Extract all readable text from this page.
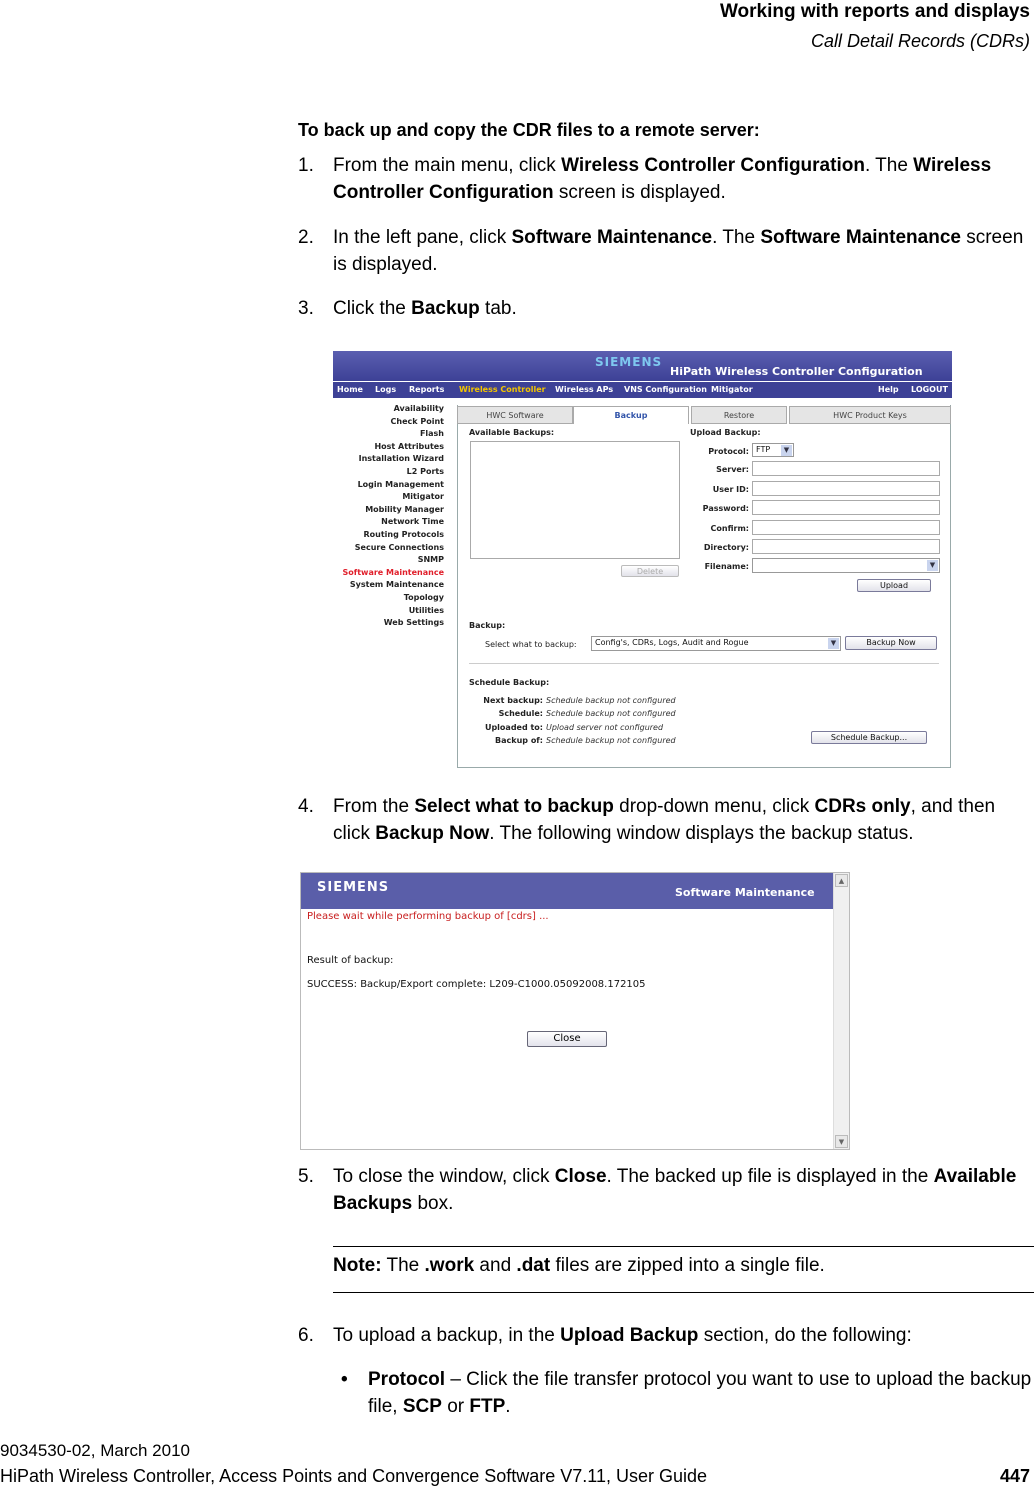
Working with reports and displays
Call Detail Records (CDRs)
To back up and copy the CDR files to a remote server:
1. From the main menu, click Wireless Controller Configuration. The Wireless Controller Configuration screen is displayed.
2. In the left pane, click Software Maintenance. The Software Maintenance screen is displayed.
3. Click the Backup tab.
SIEMENS
HiPath Wireless Controller Configuration
Home Logs Reports Wireless Controller Wireless APs VNS Configuration Mitigator	Help LOGOUT
Availability
Check Point
Flash
Host Attributes
Installation Wizard
L2 Ports
Login Management
Mitigator
Mobility Manager
Network Time
Routing Protocols
Secure Connections
SNMP
Software Maintenance
System Maintenance
Topology
Utilities
Web Settings
HWC Software	Backup	Restore	HWC Product Keys
Available Backups:
Delete
Upload Backup:
Protocol: FTP	▼
Server:
User ID:
Password:
Confirm:
Directory:
Filename:	▼
Upload
Backup:
Select what to backup:	Config's, CDRs, Logs, Audit and Rogue	▼	Backup Now
Schedule Backup:
Next backup: Schedule backup not configured
Schedule: Schedule backup not configured
Uploaded to: Upload server not configured
Backup of: Schedule backup not configured	Schedule Backup...
4. From the Select what to backup drop-down menu, click CDRs only, and then click Backup Now. The following window displays the backup status.
SIEMENS	Software Maintenance
▲
▼
Please wait while performing backup of [cdrs] ...
Result of backup:
SUCCESS: Backup/Export complete: L209-C1000.05092008.172105
Close
5. To close the window, click Close. The backed up file is displayed in the Available Backups box.
Note: The .work and .dat files are zipped into a single file.
6. To upload a backup, in the Upload Backup section, do the following:
• Protocol – Click the file transfer protocol you want to use to upload the backup file, SCP or FTP.
9034530-02, March 2010
HiPath Wireless Controller, Access Points and Convergence Software V7.11, User Guide	447
